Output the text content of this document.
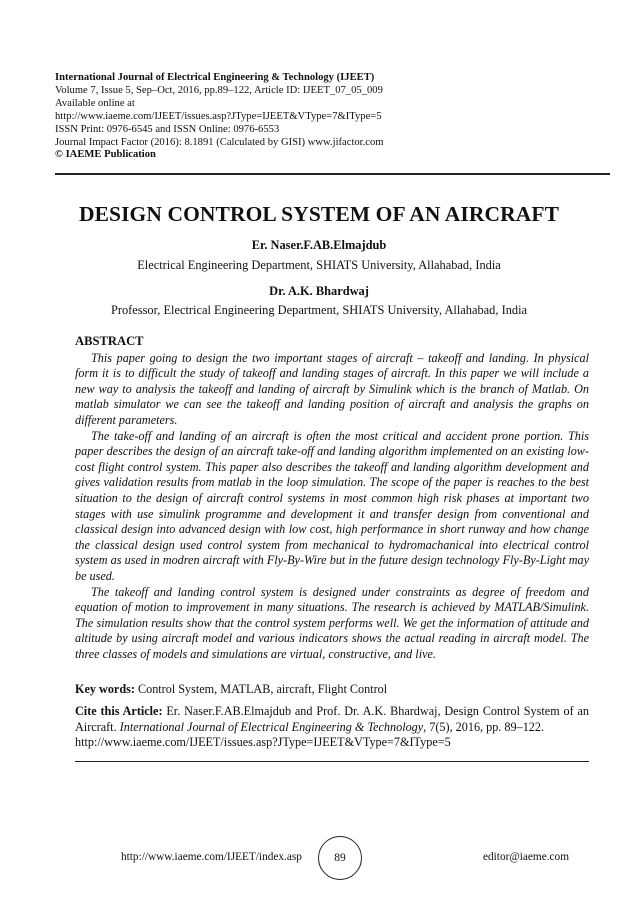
International Journal of Electrical Engineering & Technology (IJEET)
Volume 7, Issue 5, Sep–Oct, 2016, pp.89–122, Article ID: IJEET_07_05_009
Available online at
http://www.iaeme.com/IJEET/issues.asp?JType=IJEET&VType=7&IType=5
ISSN Print: 0976-6545 and ISSN Online: 0976-6553
Journal Impact Factor (2016): 8.1891 (Calculated by GISI) www.jifactor.com
© IAEME Publication
DESIGN CONTROL SYSTEM OF AN AIRCRAFT
Er. Naser.F.AB.Elmajdub
Electrical Engineering Department, SHIATS University, Allahabad, India
Dr. A.K. Bhardwaj
Professor, Electrical Engineering Department, SHIATS University, Allahabad, India
ABSTRACT

This paper going to design the two important stages of aircraft – takeoff and landing. In physical form it is to difficult the study of takeoff and landing stages of aircraft. In this paper we will include a new way to analysis the takeoff and landing of aircraft by Simulink which is the branch of Matlab. On matlab simulator we can see the takeoff and landing position of aircraft and analysis the graphs on different parameters.

The take-off and landing of an aircraft is often the most critical and accident prone portion. This paper describes the design of an aircraft take-off and landing algorithm implemented on an existing low-cost flight control system. This paper also describes the takeoff and landing algorithm development and gives validation results from matlab in the loop simulation. The scope of the paper is reaches to the best situation to the design of aircraft control systems in most common high risk phases at important two stages with use simulink programme and development it and transfer design from conventional and classical design into advanced design with low cost, high performance in short runway and how change the classical design used control system from mechanical to hydromachanical into electrical control system as used in modren aircraft with Fly-By-Wire but in the future design technology Fly-By-Light may be used.

The takeoff and landing control system is designed under constraints as degree of freedom and equation of motion to improvement in many situations. The research is achieved by MATLAB/Simulink. The simulation results show that the control system performs well. We get the information of attitude and altitude by using aircraft model and various indicators shows the actual reading in aircraft model. The three classes of models and simulations are virtual, constructive, and live.

Key words: Control System, MATLAB, aircraft, Flight Control
Cite this Article: Er. Naser.F.AB.Elmajdub and Prof. Dr. A.K. Bhardwaj, Design Control System of an Aircraft. International Journal of Electrical Engineering & Technology, 7(5), 2016, pp. 89–122.
http://www.iaeme.com/IJEET/issues.asp?JType=IJEET&VType=7&IType=5
http://www.iaeme.com/IJEET/index.asp	89	editor@iaeme.com
